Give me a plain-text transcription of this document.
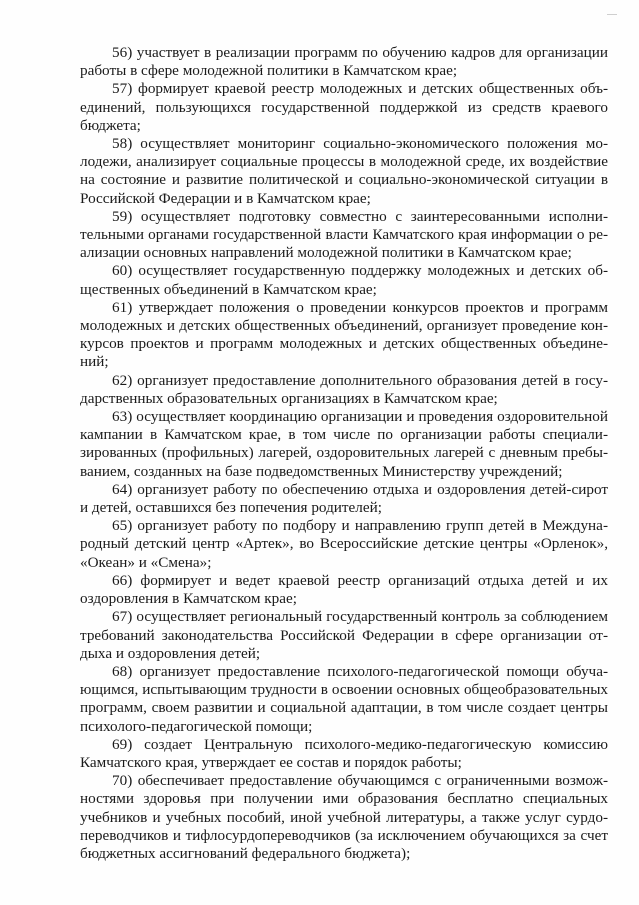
56) участвует в реализации программ по обучению кадров для организации работы в сфере молодежной политики в Камчатском крае;

57) формирует краевой реестр молодежных и детских общественных объединений, пользующихся государственной поддержкой из средств краевого бюджета;

58) осуществляет мониторинг социально-экономического положения молодежи, анализирует социальные процессы в молодежной среде, их воздействие на состояние и развитие политической и социально-экономической ситуации в Российской Федерации и в Камчатском крае;

59) осуществляет подготовку совместно с заинтересованными исполнительными органами государственной власти Камчатского края информации о реализации основных направлений молодежной политики в Камчатском крае;

60) осуществляет государственную поддержку молодежных и детских общественных объединений в Камчатском крае;

61) утверждает положения о проведении конкурсов проектов и программ молодежных и детских общественных объединений, организует проведение конкурсов проектов и программ молодежных и детских общественных объединений;

62) организует предоставление дополнительного образования детей в государственных образовательных организациях в Камчатском крае;

63) осуществляет координацию организации и проведения оздоровительной кампании в Камчатском крае, в том числе по организации работы специализированных (профильных) лагерей, оздоровительных лагерей с дневным пребыванием, созданных на базе подведомственных Министерству учреждений;

64) организует работу по обеспечению отдыха и оздоровления детей-сирот и детей, оставшихся без попечения родителей;

65) организует работу по подбору и направлению групп детей в Международный детский центр «Артек», во Всероссийские детские центры «Орленок», «Океан» и «Смена»;

66) формирует и ведет краевой реестр организаций отдыха детей и их оздоровления в Камчатском крае;

67) осуществляет региональный государственный контроль за соблюдением требований законодательства Российской Федерации в сфере организации отдыха и оздоровления детей;

68) организует предоставление психолого-педагогической помощи обучающимся, испытывающим трудности в освоении основных общеобразовательных программ, своем развитии и социальной адаптации, в том числе создает центры психолого-педагогической помощи;

69) создает Центральную психолого-медико-педагогическую комиссию Камчатского края, утверждает ее состав и порядок работы;

70) обеспечивает предоставление обучающимся с ограниченными возможностями здоровья при получении ими образования бесплатно специальных учебников и учебных пособий, иной учебной литературы, а также услуг сурдопереводчиков и тифлосурдопереводчиков (за исключением обучающихся за счет бюджетных ассигнований федерального бюджета);
